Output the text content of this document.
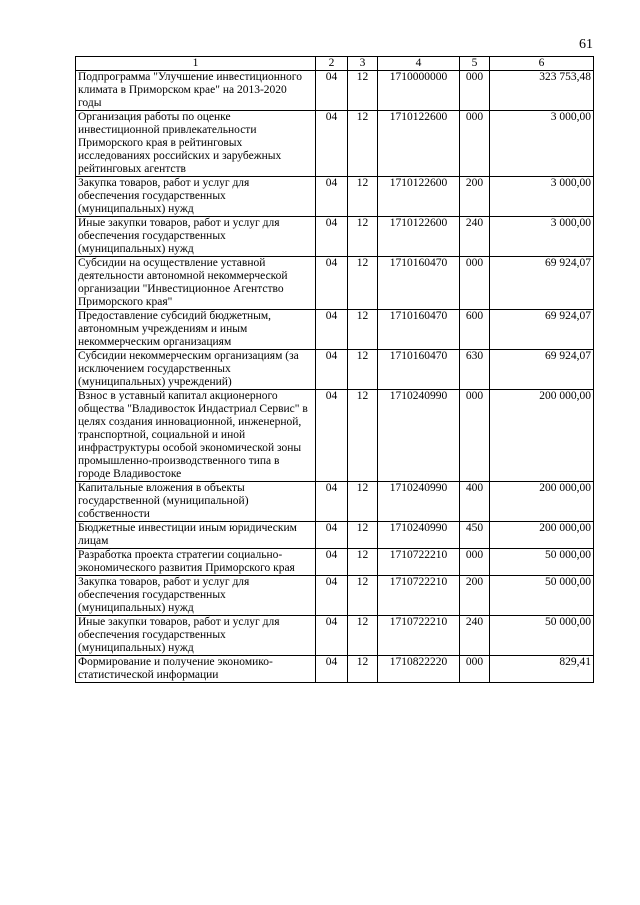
61
1	2	3	4	5	6
Подпрограмма "Улучшение инвестиционного климата в Приморском крае" на 2013-2020 годы	04	12	1710000000	000	323 753,48
Организация работы по оценке инвестиционной привлекательности Приморского края в рейтинговых исследованиях российских и зарубежных рейтинговых агентств	04	12	1710122600	000	3 000,00
Закупка товаров, работ и услуг для обеспечения государственных (муниципальных) нужд	04	12	1710122600	200	3 000,00
Иные закупки товаров, работ и услуг для обеспечения государственных (муниципальных) нужд	04	12	1710122600	240	3 000,00
Субсидии на осуществление уставной деятельности автономной некоммерческой организации "Инвестиционное Агентство Приморского края"	04	12	1710160470	000	69 924,07
Предоставление субсидий бюджетным, автономным учреждениям и иным некоммерческим организациям	04	12	1710160470	600	69 924,07
Субсидии некоммерческим организациям (за исключением государственных (муниципальных) учреждений)	04	12	1710160470	630	69 924,07
Взнос в уставный капитал акционерного общества "Владивосток Индастриал Сервис" в целях создания инновационной, инженерной, транспортной, социальной и иной инфраструктуры особой экономической зоны промышленно-производственного типа в городе Владивостоке	04	12	1710240990	000	200 000,00
Капитальные вложения в объекты государственной (муниципальной) собственности	04	12	1710240990	400	200 000,00
Бюджетные инвестиции иным юридическим лицам	04	12	1710240990	450	200 000,00
Разработка проекта стратегии социально-экономического развития Приморского края	04	12	1710722210	000	50 000,00
Закупка товаров, работ и услуг для обеспечения государственных (муниципальных) нужд	04	12	1710722210	200	50 000,00
Иные закупки товаров, работ и услуг для обеспечения государственных (муниципальных) нужд	04	12	1710722210	240	50 000,00
Формирование и получение экономико-статистической информации	04	12	1710822220	000	829,41
